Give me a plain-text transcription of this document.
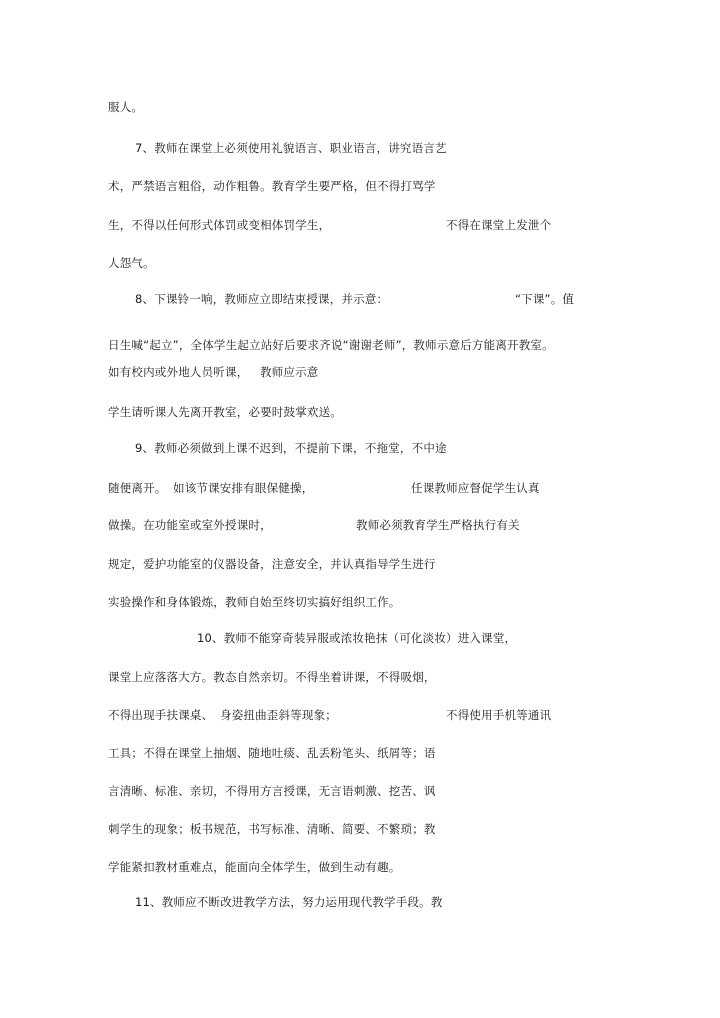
服人。
7、教师在课堂上必须使用礼貌语言、职业语言，讲究语言艺
术，严禁语言粗俗，动作粗鲁。教育学生要严格，但不得打骂学
生，不得以任何形式体罚或变相体罚学生，	不得在课堂上发泄个
人怨气。
8、下课铃一响，教师应立即结束授课，并示意：	“下课”。值
日生喊“起立”，全体学生起立站好后要求齐说“谢谢老师”，教师示意后方能离开教室。
如有校内或外地人员听课， 教师应示意
学生请听课人先离开教室，必要时鼓掌欢送。
9、教师必须做到上课不迟到，不提前下课，不拖堂，不中途
随便离开。 如该节课安排有眼保健操，	任课教师应督促学生认真
做操。在功能室或室外授课时，	教师必须教育学生严格执行有关
规定，爱护功能室的仪器设备，注意安全，并认真指导学生进行
实验操作和身体锻炼，教师自始至终切实搞好组织工作。
10、教师不能穿奇装异服或浓妆艳抹（可化淡妆）进入课堂，
课堂上应落落大方。教态自然亲切。不得坐着讲课，不得吸烟，
不得出现手扶课桌、 身姿扭曲歪斜等现象；	不得使用手机等通讯
工具；不得在课堂上抽烟、随地吐痰、乱丢粉笔头、纸屑等；语
言清晰、标准、亲切，不得用方言授课，无言语刺激、挖苦、讽
刺学生的现象；板书规范，书写标准、清晰、简要、不繁琐；教
学能紧扣教材重难点，能面向全体学生，做到生动有趣。
11、教师应不断改进教学方法，努力运用现代教学手段。教
